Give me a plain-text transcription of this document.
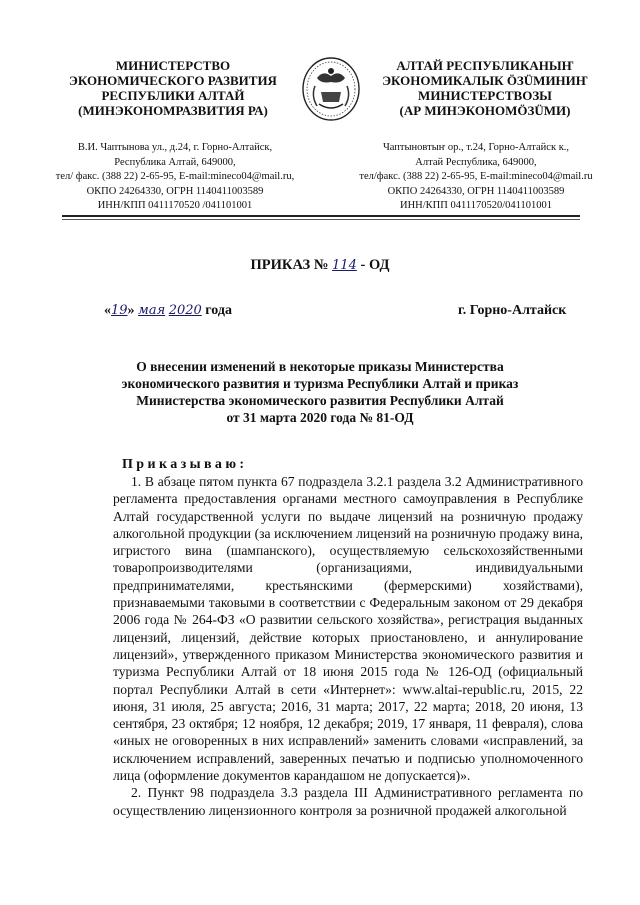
МИНИСТЕРСТВО
ЭКОНОМИЧЕСКОГО РАЗВИТИЯ
РЕСПУБЛИКИ АЛТАЙ
(МИНЭКОНОМРАЗВИТИЯ РА)
В.И. Чаптынова ул., д.24, г. Горно-Алтайск,
Республика Алтай, 649000,
тел/ факс. (388 22) 2-65-95, E-mail:mineco04@mail.ru,
ОКПО 24264330, ОГРН 1140411003589
ИНН/КПП 0411170520 /041101001
АЛТАЙ РЕСПУБЛИКАНЫҤ
ЭКОНОМИКАЛЫК ÖЗÜМИНИҤ
МИНИСТЕРСТВОЗЫ
(АР МИНЭКОНОМÖЗÜМИ)
Чаптыновтыҥ ор., т.24, Горно-Алтайск к.,
Алтай Республика, 649000,
тел/факс. (388 22) 2-65-95, E-mail:mineco04@mail.ru
ОКПО 24264330, ОГРН 1140411003589
ИНН/КПП 0411170520/041101001
ПРИКАЗ № 114 - ОД
«19» мая 2020 года	г. Горно-Алтайск
О внесении изменений в некоторые приказы Министерства
экономического развития и туризма Республики Алтай и приказ
Министерства экономического развития Республики Алтай
от 31 марта 2020 года № 81-ОД
Приказываю:

1. В абзаце пятом пункта 67 подраздела 3.2.1 раздела 3.2 Административного регламента предоставления органами местного самоуправления в Республике Алтай государственной услуги по выдаче лицензий на розничную продажу алкогольной продукции (за исключением лицензий на розничную продажу вина, игристого вина (шампанского), осуществляемую сельскохозяйственными товаропроизводителями (организациями, индивидуальными предпринимателями, крестьянскими (фермерскими) хозяйствами), признаваемыми таковыми в соответствии с Федеральным законом от 29 декабря 2006 года № 264-ФЗ «О развитии сельского хозяйства», регистрация выданных лицензий, лицензий, действие которых приостановлено, и аннулирование лицензий», утвержденного приказом Министерства экономического развития и туризма Республики Алтай от 18 июня 2015 года № 126-ОД (официальный портал Республики Алтай в сети «Интернет»: www.altai-republic.ru, 2015, 22 июня, 31 июля, 25 августа; 2016, 31 марта; 2017, 22 марта; 2018, 20 июня, 13 сентября, 23 октября; 12 ноября, 12 декабря; 2019, 17 января, 11 февраля), слова «иных не оговоренных в них исправлений» заменить словами «исправлений, за исключением исправлений, заверенных печатью и подписью уполномоченного лица (оформление документов карандашом не допускается)».

2. Пункт 98 подраздела 3.3 раздела III Административного регламента по осуществлению лицензионного контроля за розничной продажей алкогольной
